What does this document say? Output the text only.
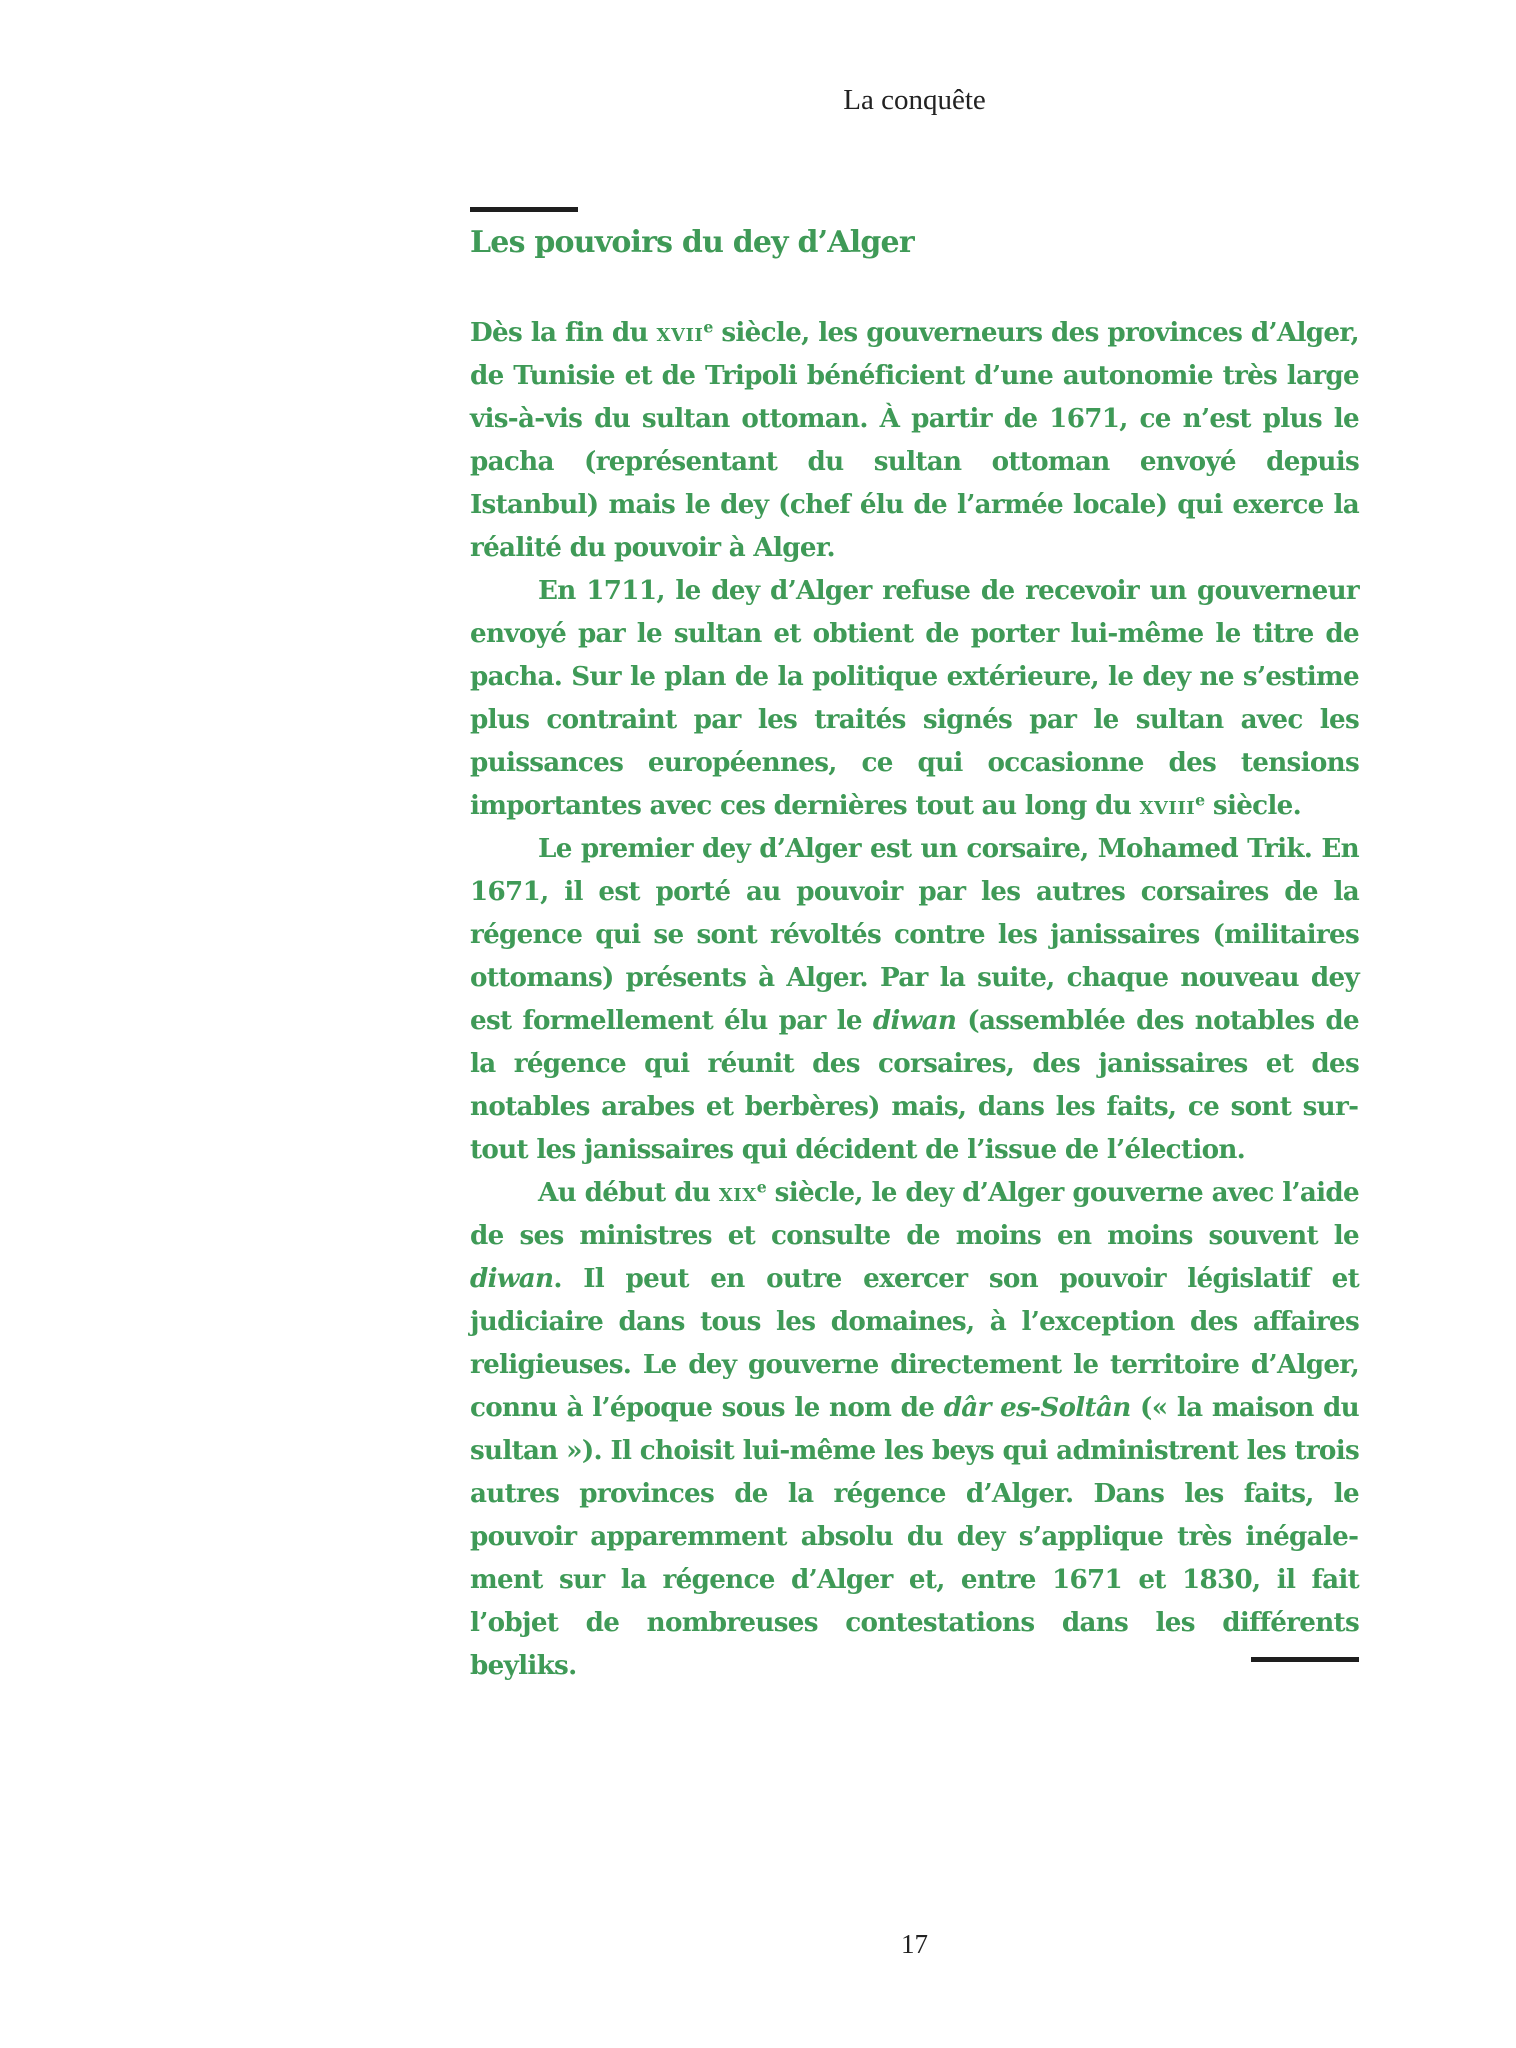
La conquête
Les pouvoirs du dey d’Alger

Dès la fin du xvii$^e$ siècle, les gouverneurs des provinces d’Alger, de Tunisie et de Tripoli bénéficient d’une autonomie très large vis-à-vis du sultan ottoman. À partir de 1671, ce n’est plus le pacha (représentant du sultan ottoman envoyé depuis Istanbul) mais le dey (chef élu de l’armée locale) qui exerce la réalité du pouvoir à Alger.

En 1711, le dey d’Alger refuse de recevoir un gouverneur envoyé par le sultan et obtient de porter lui-même le titre de pacha. Sur le plan de la politique extérieure, le dey ne s’estime plus contraint par les traités signés par le sultan avec les puissances européennes, ce qui occasionne des tensions importantes avec ces dernières tout au long du xviii$^e$ siècle.

Le premier dey d’Alger est un corsaire, Mohamed Trik. En 1671, il est porté au pouvoir par les autres corsaires de la régence qui se sont révoltés contre les janissaires (militaires ottomans) présents à Alger. Par la suite, chaque nouveau dey est formellement élu par le diwan (assemblée des notables de la régence qui réunit des corsaires, des janissaires et des notables arabes et berbères) mais, dans les faits, ce sont surtout les janissaires qui décident de l’issue de l’élection.

Au début du xix$^e$ siècle, le dey d’Alger gouverne avec l’aide de ses ministres et consulte de moins en moins souvent le diwan. Il peut en outre exercer son pouvoir législatif et judiciaire dans tous les domaines, à l’exception des affaires religieuses. Le dey gouverne directement le territoire d’Alger, connu à l’époque sous le nom de dâr es-Soltân (« la maison du sultan »). Il choisit lui-même les beys qui administrent les trois autres provinces de la régence d’Alger. Dans les faits, le pouvoir apparemment absolu du dey s’applique très inégalement sur la régence d’Alger et, entre 1671 et 1830, il fait l’objet de nombreuses contestations dans les différents beyliks.

17
